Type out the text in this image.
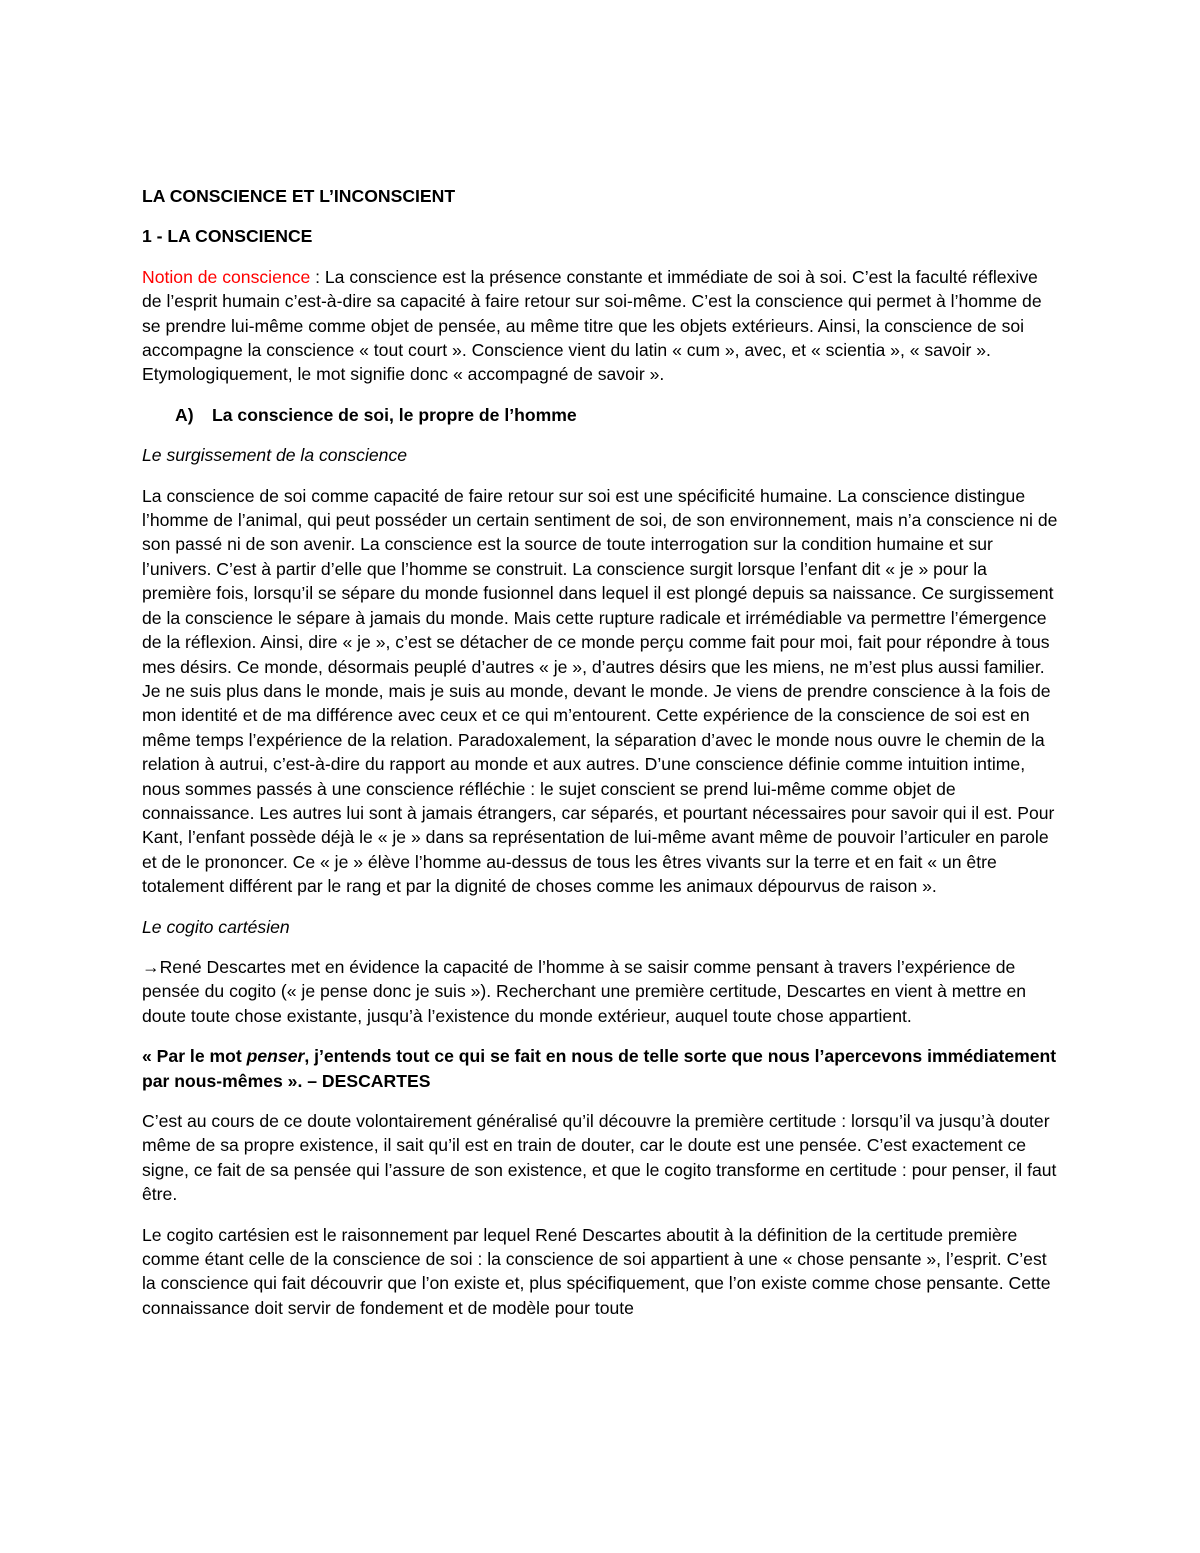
LA CONSCIENCE ET L’INCONSCIENT

1 - LA CONSCIENCE

Notion de conscience : La conscience est la présence constante et immédiate de soi à soi. C’est la faculté réflexive de l’esprit humain c’est-à-dire sa capacité à faire retour sur soi-même. C’est la conscience qui permet à l’homme de se prendre lui-même comme objet de pensée, au même titre que les objets extérieurs. Ainsi, la conscience de soi accompagne la conscience « tout court ». Conscience vient du latin « cum », avec, et « scientia », « savoir ». Etymologiquement, le mot signifie donc « accompagné de savoir ».

A) La conscience de soi, le propre de l’homme

Le surgissement de la conscience

La conscience de soi comme capacité de faire retour sur soi est une spécificité humaine. La conscience distingue l’homme de l’animal, qui peut posséder un certain sentiment de soi, de son environnement, mais n’a conscience ni de son passé ni de son avenir. La conscience est la source de toute interrogation sur la condition humaine et sur l’univers. C’est à partir d’elle que l’homme se construit. La conscience surgit lorsque l’enfant dit « je » pour la première fois, lorsqu’il se sépare du monde fusionnel dans lequel il est plongé depuis sa naissance. Ce surgissement de la conscience le sépare à jamais du monde. Mais cette rupture radicale et irrémédiable va permettre l’émergence de la réflexion. Ainsi, dire « je », c’est se détacher de ce monde perçu comme fait pour moi, fait pour répondre à tous mes désirs. Ce monde, désormais peuplé d’autres « je », d’autres désirs que les miens, ne m’est plus aussi familier. Je ne suis plus dans le monde, mais je suis au monde, devant le monde. Je viens de prendre conscience à la fois de mon identité et de ma différence avec ceux et ce qui m’entourent. Cette expérience de la conscience de soi est en même temps l’expérience de la relation. Paradoxalement, la séparation d’avec le monde nous ouvre le chemin de la relation à autrui, c’est-à-dire du rapport au monde et aux autres. D’une conscience définie comme intuition intime, nous sommes passés à une conscience réfléchie : le sujet conscient se prend lui-même comme objet de connaissance. Les autres lui sont à jamais étrangers, car séparés, et pourtant nécessaires pour savoir qui il est. Pour Kant, l’enfant possède déjà le « je » dans sa représentation de lui-même avant même de pouvoir l’articuler en parole et de le prononcer. Ce « je » élève l’homme au-dessus de tous les êtres vivants sur la terre et en fait « un être totalement différent par le rang et par la dignité de choses comme les animaux dépourvus de raison ».

Le cogito cartésien

→René Descartes met en évidence la capacité de l’homme à se saisir comme pensant à travers l’expérience de pensée du cogito (« je pense donc je suis »). Recherchant une première certitude, Descartes en vient à mettre en doute toute chose existante, jusqu’à l’existence du monde extérieur, auquel toute chose appartient.

« Par le mot penser, j’entends tout ce qui se fait en nous de telle sorte que nous l’apercevons immédiatement par nous-mêmes ». – DESCARTES

C’est au cours de ce doute volontairement généralisé qu’il découvre la première certitude : lorsqu’il va jusqu’à douter même de sa propre existence, il sait qu’il est en train de douter, car le doute est une pensée. C’est exactement ce signe, ce fait de sa pensée qui l’assure de son existence, et que le cogito transforme en certitude : pour penser, il faut être.

Le cogito cartésien est le raisonnement par lequel René Descartes aboutit à la définition de la certitude première comme étant celle de la conscience de soi : la conscience de soi appartient à une « chose pensante », l’esprit. C’est la conscience qui fait découvrir que l’on existe et, plus spécifiquement, que l’on existe comme chose pensante. Cette connaissance doit servir de fondement et de modèle pour toute
